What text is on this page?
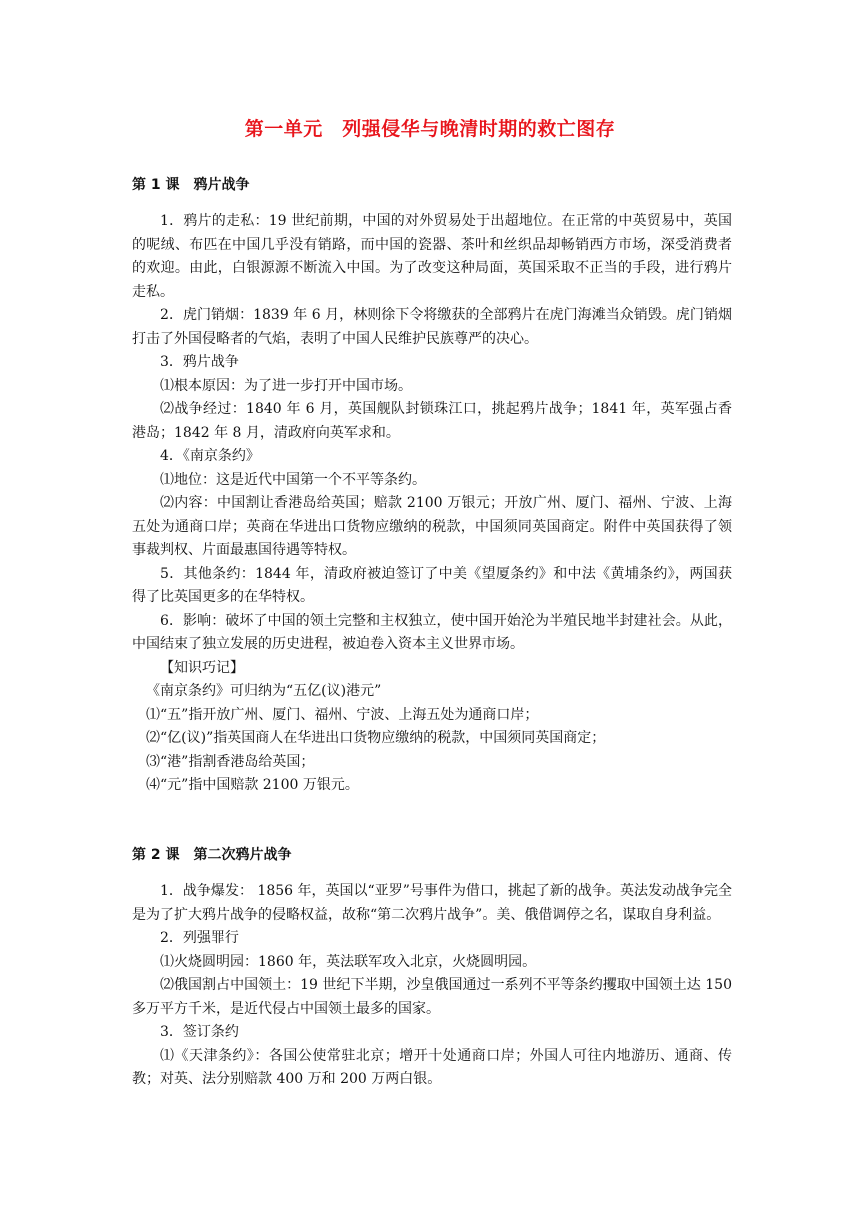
第一单元　列强侵华与晚清时期的救亡图存
第 1 课　鸦片战争

1．鸦片的走私：19 世纪前期，中国的对外贸易处于出超地位。在正常的中英贸易中，英国的呢绒、布匹在中国几乎没有销路，而中国的瓷器、茶叶和丝织品却畅销西方市场，深受消费者的欢迎。由此，白银源源不断流入中国。为了改变这种局面，英国采取不正当的手段，进行鸦片走私。

2．虎门销烟：1839 年 6 月，林则徐下令将缴获的全部鸦片在虎门海滩当众销毁。虎门销烟打击了外国侵略者的气焰，表明了中国人民维护民族尊严的决心。

3．鸦片战争

⑴根本原因：为了进一步打开中国市场。

⑵战争经过：1840 年 6 月，英国舰队封锁珠江口，挑起鸦片战争；1841 年，英军强占香港岛；1842 年 8 月，清政府向英军求和。

4．《南京条约》

⑴地位：这是近代中国第一个不平等条约。

⑵内容：中国割让香港岛给英国；赔款 2100 万银元；开放广州、厦门、福州、宁波、上海五处为通商口岸；英商在华进出口货物应缴纳的税款，中国须同英国商定。附件中英国获得了领事裁判权、片面最惠国待遇等特权。

5．其他条约：1844 年，清政府被迫签订了中美《望厦条约》和中法《黄埔条约》，两国获得了比英国更多的在华特权。

6．影响：破坏了中国的领土完整和主权独立，使中国开始沦为半殖民地半封建社会。从此，中国结束了独立发展的历史进程，被迫卷入资本主义世界市场。

【知识巧记】

《南京条约》可归纳为“五亿(议)港元”

⑴“五”指开放广州、厦门、福州、宁波、上海五处为通商口岸；

⑵“亿(议)”指英国商人在华进出口货物应缴纳的税款，中国须同英国商定；

⑶“港”指割香港岛给英国；

⑷“元”指中国赔款 2100 万银元。

第 2 课　第二次鸦片战争

1．战争爆发： 1856 年，英国以“亚罗”号事件为借口，挑起了新的战争。英法发动战争完全是为了扩大鸦片战争的侵略权益，故称“第二次鸦片战争”。美、俄借调停之名，谋取自身利益。

2．列强罪行

⑴火烧圆明园：1860 年，英法联军攻入北京，火烧圆明园。

⑵俄国割占中国领土：19 世纪下半期，沙皇俄国通过一系列不平等条约攫取中国领土达 150 多万平方千米，是近代侵占中国领土最多的国家。

3．签订条约

⑴《天津条约》：各国公使常驻北京；增开十处通商口岸；外国人可往内地游历、通商、传教；对英、法分别赔款 400 万和 200 万两白银。
